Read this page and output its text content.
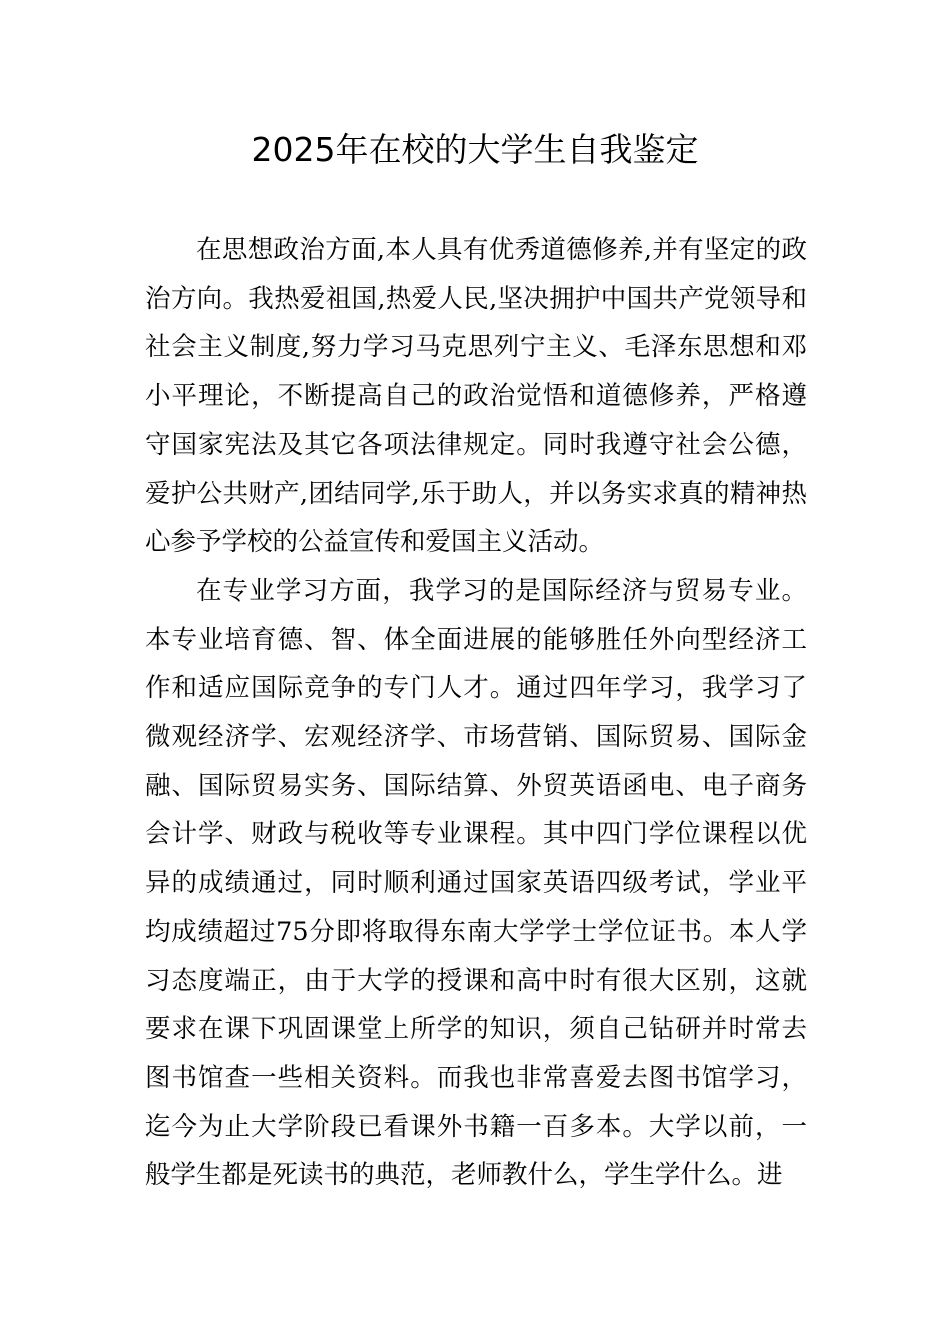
2025年在校的大学生自我鉴定

在思想政治方面,本人具有优秀道德修养,并有坚定的政治方向。我热爱祖国,热爱人民,坚决拥护中国共产党领导和社会主义制度,努力学习马克思列宁主义、毛泽东思想和邓小平理论，不断提高自己的政治觉悟和道德修养，严格遵守国家宪法及其它各项法律规定。同时我遵守社会公德，爱护公共财产,团结同学,乐于助人，并以务实求真的精神热心参予学校的公益宣传和爱国主义活动。

在专业学习方面，我学习的是国际经济与贸易专业。本专业培育德、智、体全面进展的能够胜任外向型经济工作和适应国际竞争的专门人才。通过四年学习，我学习了微观经济学、宏观经济学、市场营销、国际贸易、国际金融、国际贸易实务、国际结算、外贸英语函电、电子商务会计学、财政与税收等专业课程。其中四门学位课程以优异的成绩通过，同时顺利通过国家英语四级考试，学业平均成绩超过75分即将取得东南大学学士学位证书。本人学习态度端正，由于大学的授课和高中时有很大区别，这就要求在课下巩固课堂上所学的知识，须自己钻研并时常去图书馆查一些相关资料。而我也非常喜爱去图书馆学习，迄今为止大学阶段已看课外书籍一百多本。大学以前，一般学生都是死读书的典范，老师教什么，学生学什么。进
